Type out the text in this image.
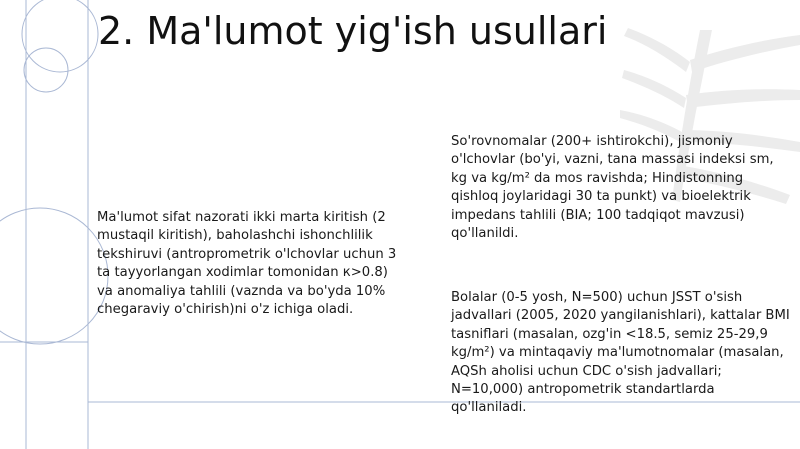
2. Ma'lumot yig'ish usullari

Ma'lumot sifat nazorati ikki marta kiritish (2 mustaqil kiritish), baholashchi ishonchlilik tekshiruvi (antroprometrik o'lchovlar uchun 3 ta tayyorlangan xodimlar tomonidan к>0.8) va anomaliya tahlili (vaznda va bo'yda 10% chegaraviy o'chirish)ni o'z ichiga oladi.

So'rovnomalar (200+ ishtirokchi), jismoniy o'lchovlar (bo'yi, vazni, tana massasi indeksi sm, kg va kg/m² da mos ravishda; Hindistonning qishloq joylaridagi 30 ta punkt) va bioelektrik impedans tahlili (BIA; 100 tadqiqot mavzusi) qo'llanildi.

Bolalar (0-5 yosh, N=500) uchun JSST o'sish jadvallari (2005, 2020 yangilanishlari), kattalar BMI tasniflari (masalan, ozg'in <18.5, semiz 25-29,9 kg/m²) va mintaqaviy ma'lumotnomalar (masalan, AQSh aholisi uchun CDC o'sish jadvallari; N=10,000) antropometrik standartlarda qo'llaniladi.
